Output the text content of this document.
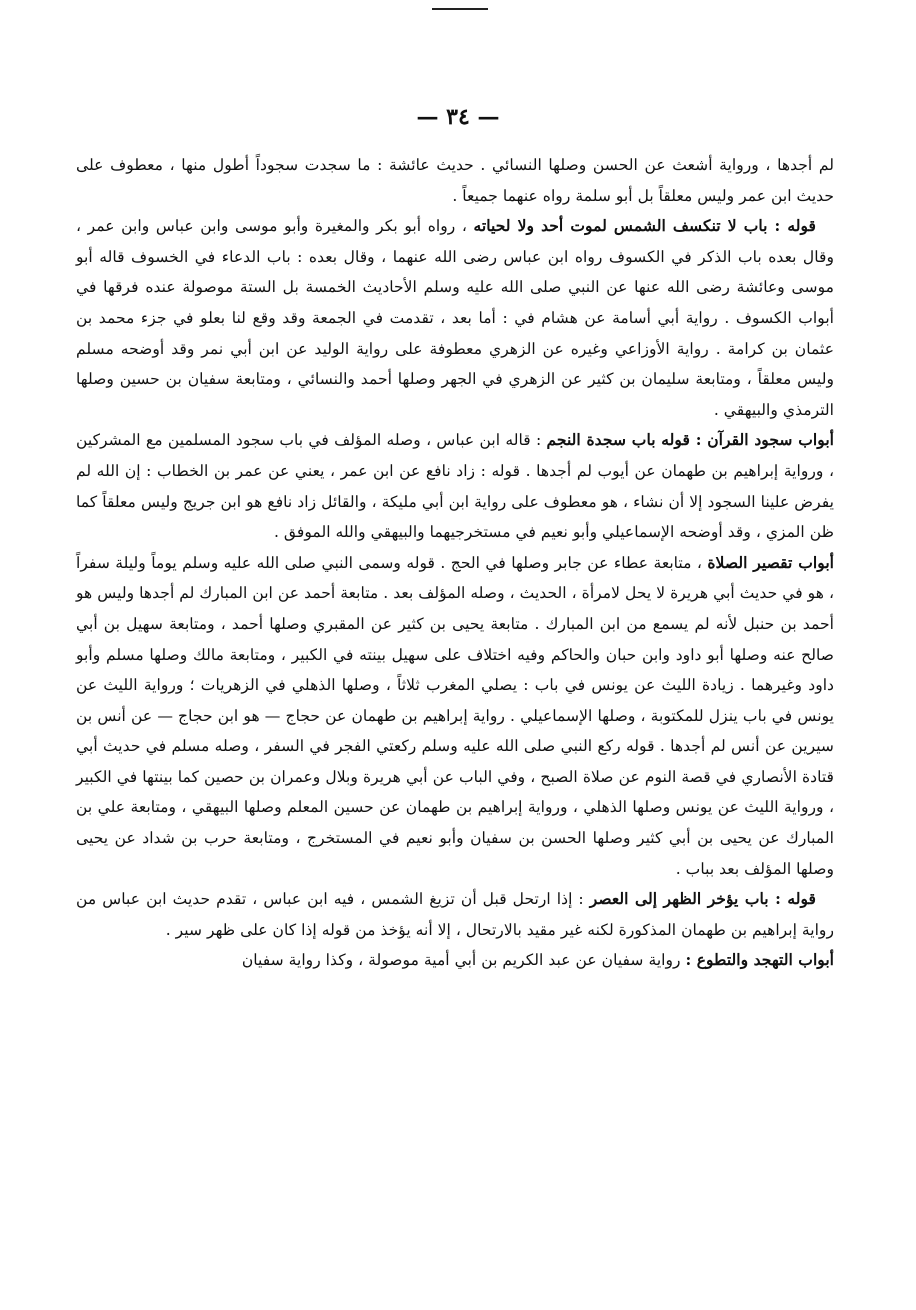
— ٣٤ —

لم أجدها ، ورواية أشعث عن الحسن وصلها النسائي . حديث عائشة : ما سجدت سجوداً أطول منها ، معطوف على حديث ابن عمر وليس معلقاً بل أبو سلمة رواه عنهما جميعاً .

قوله : باب لا تنكسف الشمس لموت أحد ولا لحياته ، رواه أبو بكر والمغيرة وأبو موسى وابن عباس وابن عمر ، وقال بعده باب الذكر في الكسوف رواه ابن عباس رضى الله عنهما ، وقال بعده : باب الدعاء في الخسوف قاله أبو موسى وعائشة رضى الله عنها عن النبي صلى الله عليه وسلم الأحاديث الخمسة بل الستة موصولة عنده فرقها في أبواب الكسوف . رواية أبي أسامة عن هشام في : أما بعد ، تقدمت في الجمعة وقد وقع لنا بعلو في جزء محمد بن عثمان بن كرامة . رواية الأوزاعي وغيره عن الزهري معطوفة على رواية الوليد عن ابن أبي نمر وقد أوضحه مسلم وليس معلقاً ، ومتابعة سليمان بن كثير عن الزهري في الجهر وصلها أحمد والنسائي ، ومتابعة سفيان بن حسين وصلها الترمذي والبيهقي .

أبواب سجود القرآن : قوله باب سجدة النجم : قاله ابن عباس ، وصله المؤلف في باب سجود المسلمين مع المشركين ، ورواية إبراهيم بن طهمان عن أيوب لم أجدها . قوله : زاد نافع عن ابن عمر ، يعني عن عمر بن الخطاب : إن الله لم يفرض علينا السجود إلا أن نشاء ، هو معطوف على رواية ابن أبي مليكة ، والقائل زاد نافع هو ابن جريج وليس معلقاً كما ظن المزي ، وقد أوضحه الإسماعيلي وأبو نعيم في مستخرجيهما والبيهقي والله الموفق .

أبواب تقصير الصلاة ، متابعة عطاء عن جابر وصلها في الحج . قوله وسمى النبي صلى الله عليه وسلم يوماً وليلة سفراً ، هو في حديث أبي هريرة لا يحل لامرأة ، الحديث ، وصله المؤلف بعد . متابعة أحمد عن ابن المبارك لم أجدها وليس هو أحمد بن حنبل لأنه لم يسمع من ابن المبارك . متابعة يحيى بن كثير عن المقبري وصلها أحمد ، ومتابعة سهيل بن أبي صالح عنه وصلها أبو داود وابن حبان والحاكم وفيه اختلاف على سهيل بينته في الكبير ، ومتابعة مالك وصلها مسلم وأبو داود وغيرهما . زيادة الليث عن يونس في باب : يصلي المغرب ثلاثاً ، وصلها الذهلي في الزهريات ؛ ورواية الليث عن يونس في باب ينزل للمكتوبة ، وصلها الإسماعيلي . رواية إبراهيم بن طهمان عن حجاج — هو ابن حجاج — عن أنس بن سيرين عن أنس لم أجدها . قوله ركع النبي صلى الله عليه وسلم ركعتي الفجر في السفر ، وصله مسلم في حديث أبي قتادة الأنصاري في قصة النوم عن صلاة الصبح ، وفي الباب عن أبي هريرة وبلال وعمران بن حصين كما بينتها في الكبير ، ورواية الليث عن يونس وصلها الذهلي ، ورواية إبراهيم بن طهمان عن حسين المعلم وصلها البيهقي ، ومتابعة علي بن المبارك عن يحيى بن أبي كثير وصلها الحسن بن سفيان وأبو نعيم في المستخرج ، ومتابعة حرب بن شداد عن يحيى وصلها المؤلف بعد بباب .

قوله : باب يؤخر الظهر إلى العصر : إذا ارتحل قبل أن تزيغ الشمس ، فيه ابن عباس ، تقدم حديث ابن عباس من رواية إبراهيم بن طهمان المذكورة لكنه غير مقيد بالارتحال ، إلا أنه يؤخذ من قوله إذا كان على ظهر سير .

أبواب التهجد والتطوع : رواية سفيان عن عبد الكريم بن أبي أمية موصولة ، وكذا رواية سفيان
